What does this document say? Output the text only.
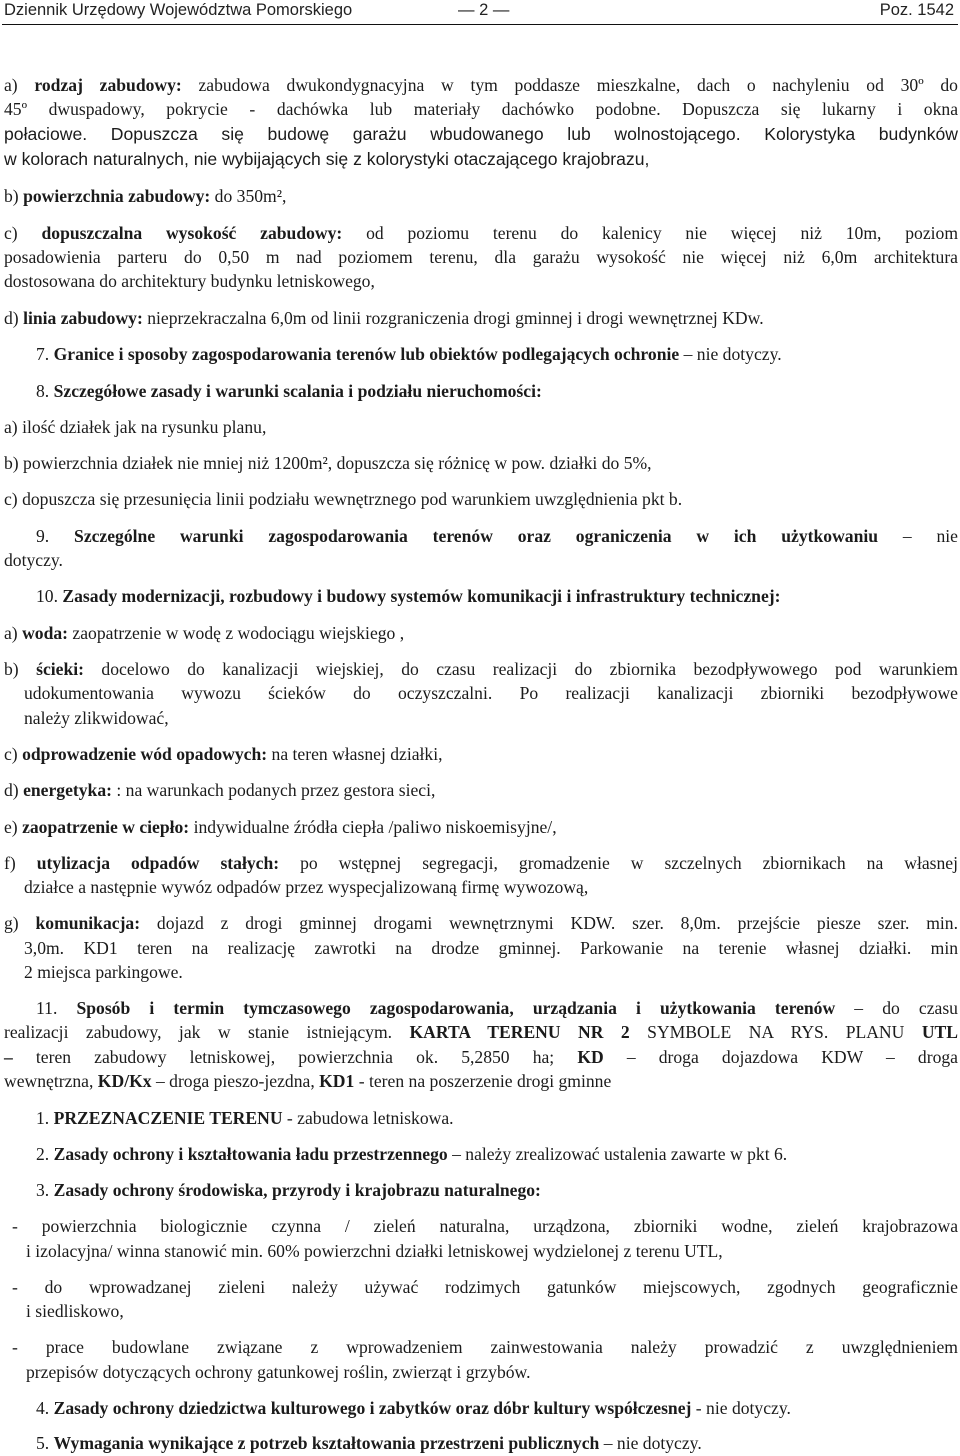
Dziennik Urzędowy Województwa Pomorskiego	— 2 —	Poz. 1542
a) rodzaj zabudowy: zabudowa dwukondygnacyjna w tym poddasze mieszkalne, dach o nachyleniu od 30º do
45º dwuspadowy, pokrycie - dachówka lub materiały dachówko podobne. Dopuszcza się lukarny i okna
połaciowe. Dopuszcza się budowę garażu wbudowanego lub wolnostojącego. Kolorystyka budynków
w kolorach naturalnych, nie wybijających się z kolorystyki otaczającego krajobrazu,
b) powierzchnia zabudowy: do 350m²,
c) dopuszczalna wysokość zabudowy: od poziomu terenu do kalenicy nie więcej niż 10m, poziom
posadowienia parteru do 0,50 m nad poziomem terenu, dla garażu wysokość nie więcej niż 6,0m architektura
dostosowana do architektury budynku letniskowego,
d) linia zabudowy: nieprzekraczalna 6,0m od linii rozgraniczenia drogi gminnej i drogi wewnętrznej KDw.
7. Granice i sposoby zagospodarowania terenów lub obiektów podlegających ochronie – nie dotyczy.
8. Szczegółowe zasady i warunki scalania i podziału nieruchomości:
a) ilość działek jak na rysunku planu,
b) powierzchnia działek nie mniej niż 1200m², dopuszcza się różnicę w pow. działki do 5%,
c) dopuszcza się przesunięcia linii podziału wewnętrznego pod warunkiem uwzględnienia pkt b.
9. Szczególne warunki zagospodarowania terenów oraz ograniczenia w ich użytkowaniu – nie
dotyczy.
10. Zasady modernizacji, rozbudowy i budowy systemów komunikacji i infrastruktury technicznej:
a) woda: zaopatrzenie w wodę z wodociągu wiejskiego ,
b) ścieki: docelowo do kanalizacji wiejskiej, do czasu realizacji do zbiornika bezodpływowego pod warunkiem
udokumentowania wywozu ścieków do oczyszczalni. Po realizacji kanalizacji zbiorniki bezodpływowe
należy zlikwidować,
c) odprowadzenie wód opadowych: na teren własnej działki,
d) energetyka: : na warunkach podanych przez gestora sieci,
e) zaopatrzenie w ciepło: indywidualne źródła ciepła /paliwo niskoemisyjne/,
f) utylizacja odpadów stałych: po wstępnej segregacji, gromadzenie w szczelnych zbiornikach na własnej
działce a następnie wywóz odpadów przez wyspecjalizowaną firmę wywozową,
g) komunikacja: dojazd z drogi gminnej drogami wewnętrznymi KDW. szer. 8,0m. przejście piesze szer. min.
3,0m. KD1 teren na realizację zawrotki na drodze gminnej. Parkowanie na terenie własnej działki. min
2 miejsca parkingowe.
11. Sposób i termin tymczasowego zagospodarowania, urządzania i użytkowania terenów – do czasu
realizacji zabudowy, jak w stanie istniejącym. KARTA TERENU NR 2 SYMBOLE NA RYS. PLANU UTL
– teren zabudowy letniskowej, powierzchnia ok. 5,2850 ha; KD – droga dojazdowa KDW – droga
wewnętrzna, KD/Kx – droga pieszo-jezdna, KD1 - teren na poszerzenie drogi gminne
1. PRZEZNACZENIE TERENU - zabudowa letniskowa.
2. Zasady ochrony i kształtowania ładu przestrzennego – należy zrealizować ustalenia zawarte w pkt 6.
3. Zasady ochrony środowiska, przyrody i krajobrazu naturalnego:
- powierzchnia biologicznie czynna / zieleń naturalna, urządzona, zbiorniki wodne, zieleń krajobrazowa
i izolacyjna/ winna stanowić min. 60% powierzchni działki letniskowej wydzielonej z terenu UTL,
- do wprowadzanej zieleni należy używać rodzimych gatunków miejscowych, zgodnych geograficznie
i siedliskowo,
- prace budowlane związane z wprowadzeniem zainwestowania należy prowadzić z uwzględnieniem
przepisów dotyczących ochrony gatunkowej roślin, zwierząt i grzybów.
4. Zasady ochrony dziedzictwa kulturowego i zabytków oraz dóbr kultury współczesnej - nie dotyczy.
5. Wymagania wynikające z potrzeb kształtowania przestrzeni publicznych – nie dotyczy.
